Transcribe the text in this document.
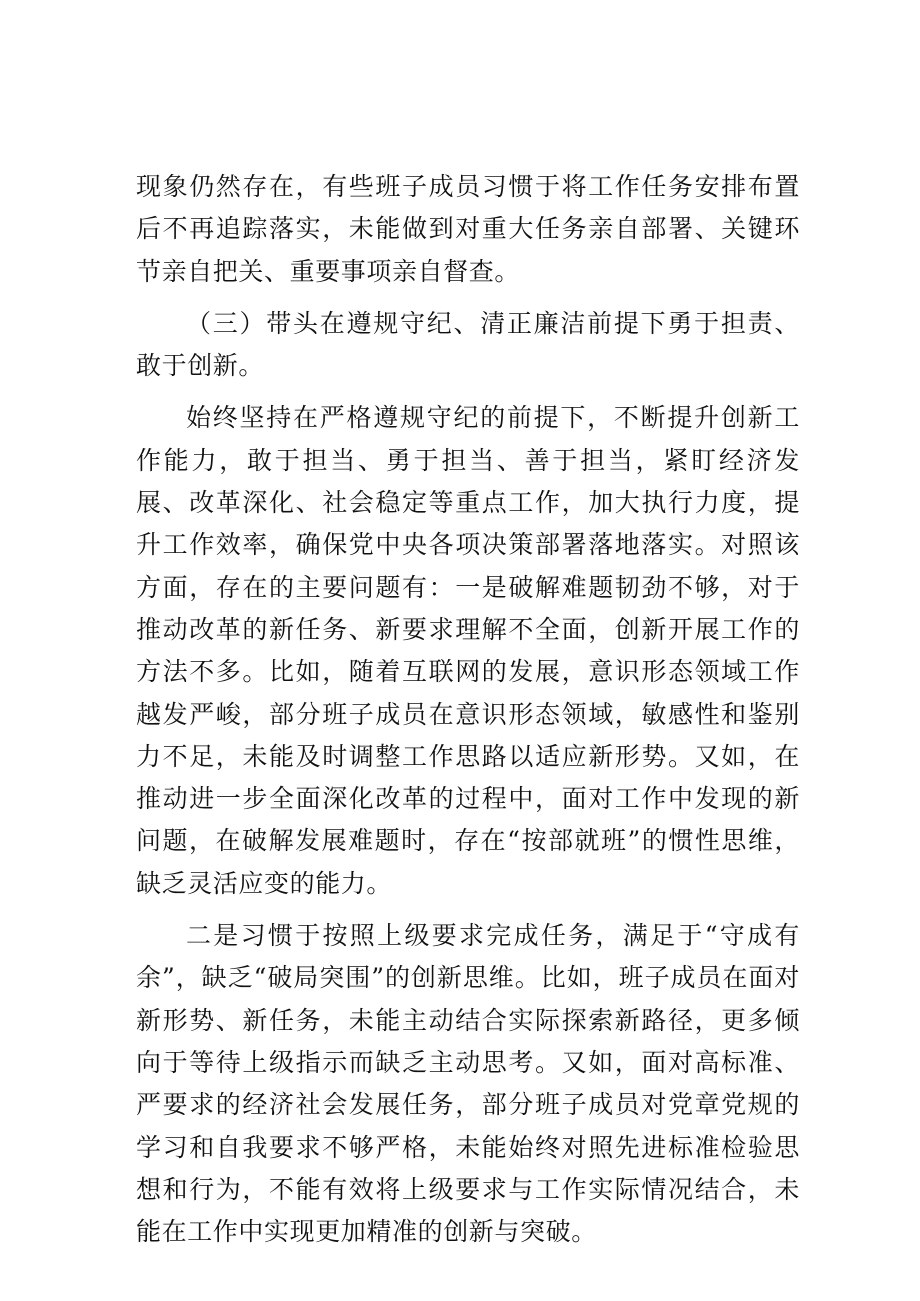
现象仍然存在，有些班子成员习惯于将工作任务安排布置后不再追踪落实，未能做到对重大任务亲自部署、关键环节亲自把关、重要事项亲自督查。

（三）带头在遵规守纪、清正廉洁前提下勇于担责、敢于创新。

始终坚持在严格遵规守纪的前提下，不断提升创新工作能力，敢于担当、勇于担当、善于担当，紧盯经济发展、改革深化、社会稳定等重点工作，加大执行力度，提升工作效率，确保党中央各项决策部署落地落实。对照该方面，存在的主要问题有：一是破解难题韧劲不够，对于推动改革的新任务、新要求理解不全面，创新开展工作的方法不多。比如，随着互联网的发展，意识形态领域工作越发严峻，部分班子成员在意识形态领域，敏感性和鉴别力不足，未能及时调整工作思路以适应新形势。又如，在推动进一步全面深化改革的过程中，面对工作中发现的新问题，在破解发展难题时，存在“按部就班”的惯性思维，缺乏灵活应变的能力。

二是习惯于按照上级要求完成任务，满足于“守成有余”，缺乏“破局突围”的创新思维。比如，班子成员在面对新形势、新任务，未能主动结合实际探索新路径，更多倾向于等待上级指示而缺乏主动思考。又如，面对高标准、严要求的经济社会发展任务，部分班子成员对党章党规的学习和自我要求不够严格，未能始终对照先进标准检验思想和行为，不能有效将上级要求与工作实际情况结合，未能在工作中实现更加精准的创新与突破。
